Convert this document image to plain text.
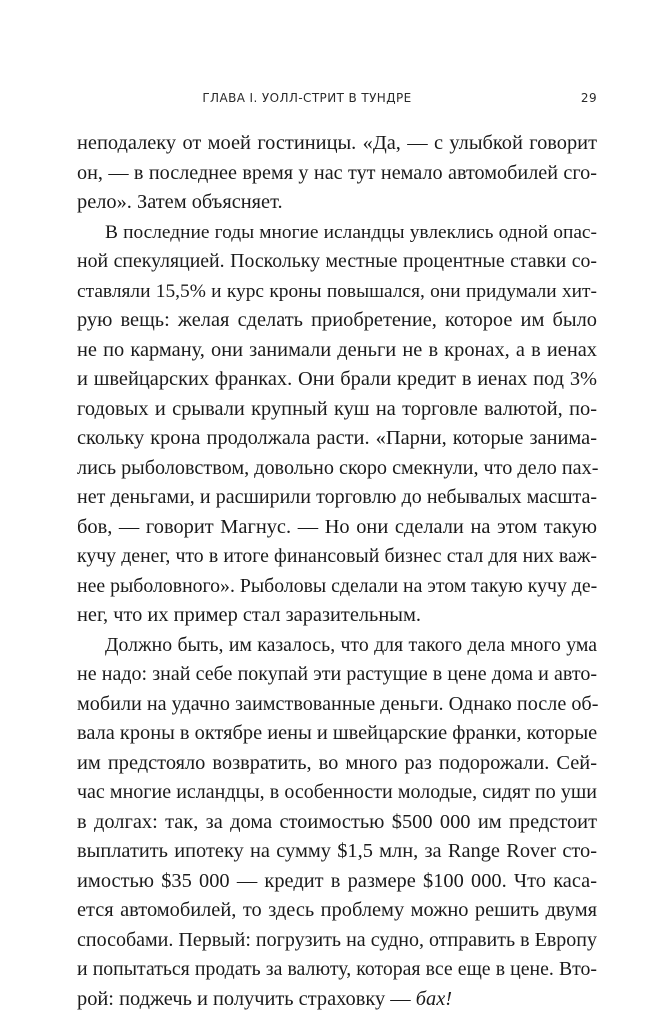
ГЛАВА I. УОЛЛ-СТРИТ В ТУНДРЕ	29

неподалеку от моей гостиницы. «Да, — с улыбкой говорит
он, — в последнее время у нас тут немало автомобилей сго-
рело». Затем объясняет.

В последние годы многие исландцы увлеклись одной опас-
ной спекуляцией. Поскольку местные процентные ставки со-
ставляли 15,5% и курс кроны повышался, они придумали хит-
рую вещь: желая сделать приобретение, которое им было
не по карману, они занимали деньги не в кронах, а в иенах
и швейцарских франках. Они брали кредит в иенах под 3%
годовых и срывали крупный куш на торговле валютой, по-
скольку крона продолжала расти. «Парни, которые занима-
лись рыболовством, довольно скоро смекнули, что дело пах-
нет деньгами, и расширили торговлю до небывалых масшта-
бов, — говорит Магнус. — Но они сделали на этом такую
кучу денег, что в итоге финансовый бизнес стал для них важ-
нее рыболовного». Рыболовы сделали на этом такую кучу де-
нег, что их пример стал заразительным.

Должно быть, им казалось, что для такого дела много ума
не надо: знай себе покупай эти растущие в цене дома и авто-
мобили на удачно заимствованные деньги. Однако после об-
вала кроны в октябре иены и швейцарские франки, которые
им предстояло возвратить, во много раз подорожали. Сей-
час многие исландцы, в особенности молодые, сидят по уши
в долгах: так, за дома стоимостью $500 000 им предстоит
выплатить ипотеку на сумму $1,5 млн, за Range Rover сто-
имостью $35 000 — кредит в размере $100 000. Что каса-
ется автомобилей, то здесь проблему можно решить двумя
способами. Первый: погрузить на судно, отправить в Европу
и попытаться продать за валюту, которая все еще в цене. Вто-
рой: поджечь и получить страховку — бах!
